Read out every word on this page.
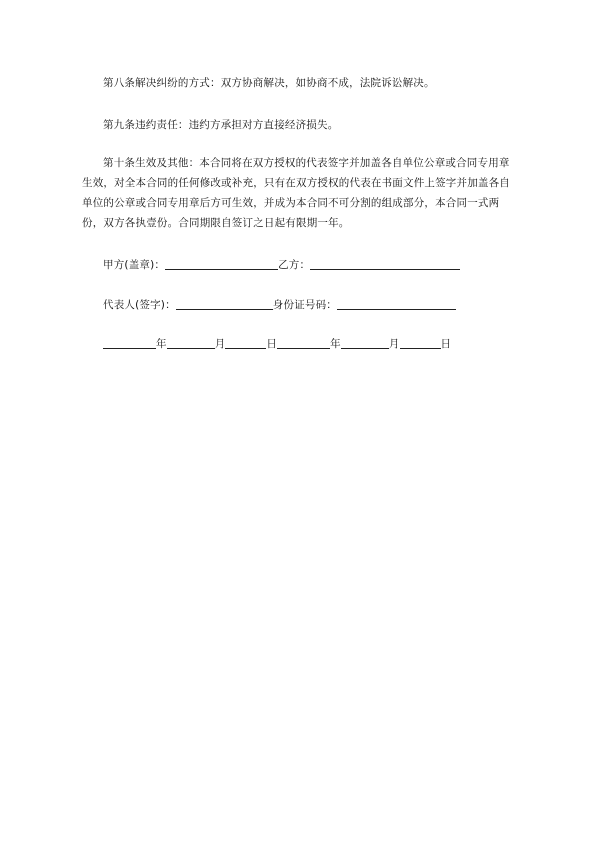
第八条解决纠纷的方式：双方协商解决，如协商不成，法院诉讼解决。
第九条违约责任：违约方承担对方直接经济损失。
第十条生效及其他：本合同将在双方授权的代表签字并加盖各自单位公章或合同专用章生效，对全本合同的任何修改或补充，只有在双方授权的代表在书面文件上签字并加盖各自单位的公章或合同专用章后方可生效，并成为本合同不可分割的组成部分，本合同一式两份，双方各执壹份。合同期限自签订之日起有限期一年。
甲方(盖章)：	乙方：
代表人(签字)：	身份证号码：
年	月	日	年	月	日
